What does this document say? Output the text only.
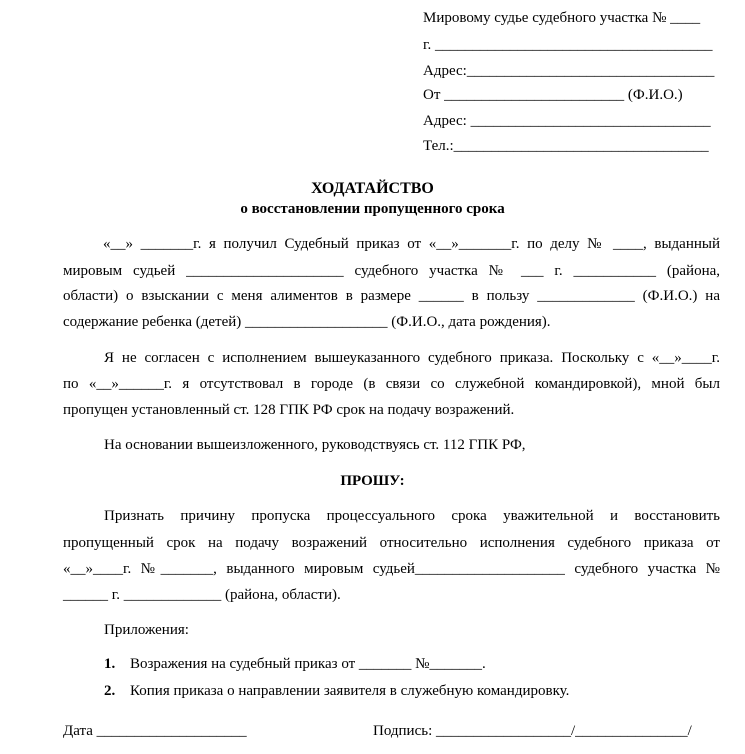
Мировому судье судебного участка № ____
г. _____________________________________
Адрес:_________________________________
От ________________________ (Ф.И.О.)
Адрес: ________________________________
Тел.:__________________________________
ХОДАТАЙСТВО
о восстановлении пропущенного срока
«__» _______г. я получил Судебный приказ от «__»_______г. по делу № ____, выданный
мировым судьей _____________________ судебного участка № ___ г. ___________ (района,
области) о взыскании с меня алиментов в размере ______ в пользу _____________ (Ф.И.О.) на
содержание ребенка (детей) ___________________ (Ф.И.О., дата рождения).
Я не согласен с исполнением вышеуказанного судебного приказа. Поскольку с «__»____г.
по «__»______г. я отсутствовал в городе (в связи со служебной командировкой), мной был
пропущен установленный ст. 128 ГПК РФ срок на подачу возражений.
На основании вышеизложенного, руководствуясь ст. 112 ГПК РФ,
ПРОШУ:
Признать причину пропуска процессуального срока уважительной и восстановить
пропущенный срок на подачу возражений относительно исполнения судебного приказа от
«__»____г. №_______, выданного мировым судьей____________________ судебного участка №
______ г. _____________ (района, области).
Приложения:
1. Возражения на судебный приказ от _______ №_______.
2. Копия приказа о направлении заявителя в служебную командировку.
Дата ____________________	Подпись: __________________/_______________/
